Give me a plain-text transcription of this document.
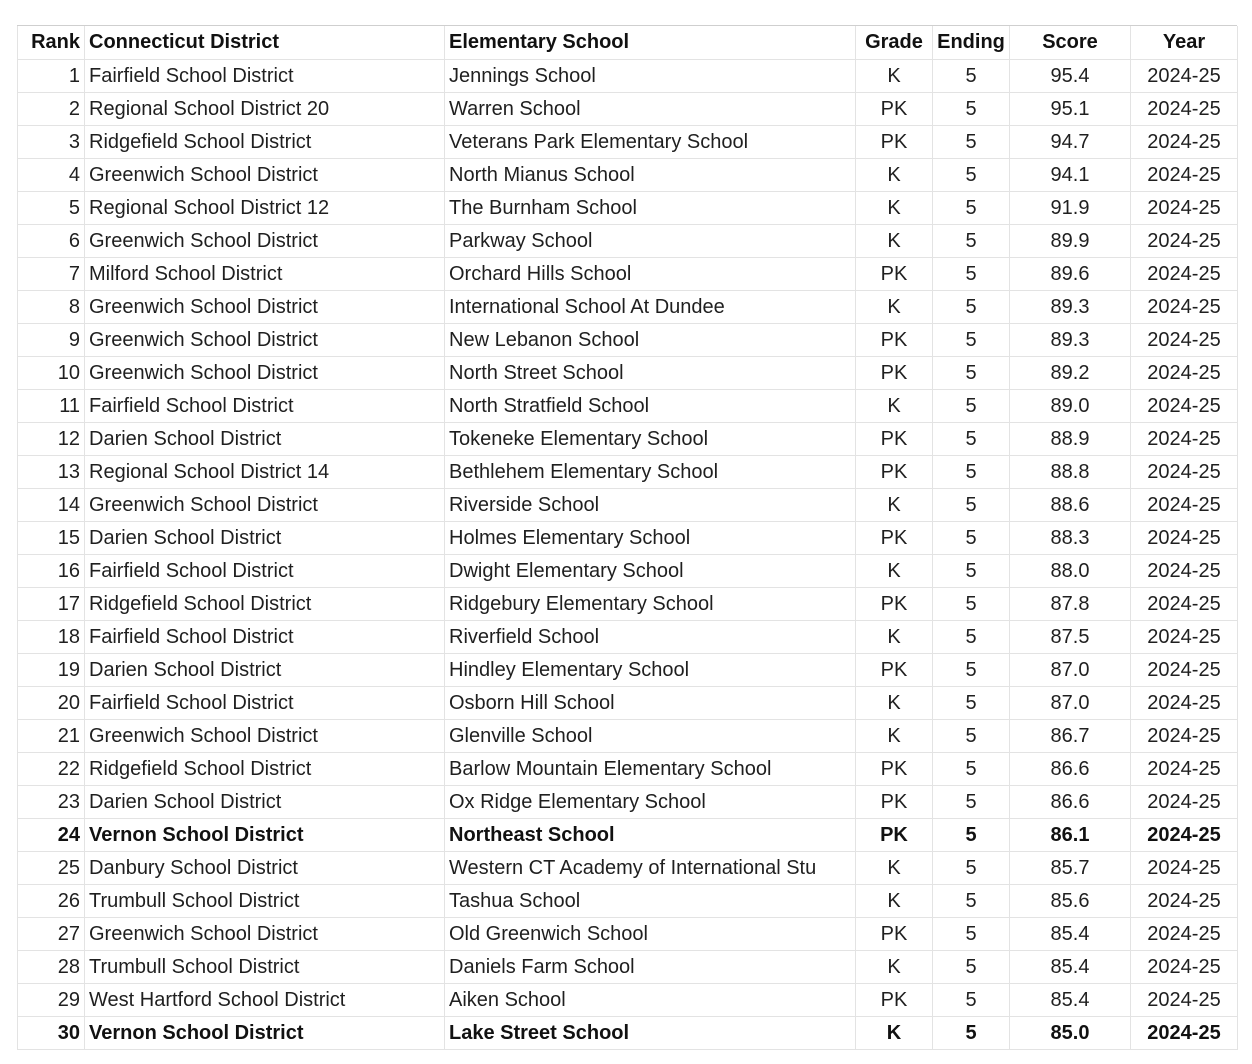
Rank	Connecticut District	Elementary School	Grade	Ending	Score	Year
1	Fairfield School District	Jennings School	K	5	95.4	2024-25
2	Regional School District 20	Warren School	PK	5	95.1	2024-25
3	Ridgefield School District	Veterans Park Elementary School	PK	5	94.7	2024-25
4	Greenwich School District	North Mianus School	K	5	94.1	2024-25
5	Regional School District 12	The Burnham School	K	5	91.9	2024-25
6	Greenwich School District	Parkway School	K	5	89.9	2024-25
7	Milford School District	Orchard Hills School	PK	5	89.6	2024-25
8	Greenwich School District	International School At Dundee	K	5	89.3	2024-25
9	Greenwich School District	New Lebanon School	PK	5	89.3	2024-25
10	Greenwich School District	North Street School	PK	5	89.2	2024-25
11	Fairfield School District	North Stratfield School	K	5	89.0	2024-25
12	Darien School District	Tokeneke Elementary School	PK	5	88.9	2024-25
13	Regional School District 14	Bethlehem Elementary School	PK	5	88.8	2024-25
14	Greenwich School District	Riverside School	K	5	88.6	2024-25
15	Darien School District	Holmes Elementary School	PK	5	88.3	2024-25
16	Fairfield School District	Dwight Elementary School	K	5	88.0	2024-25
17	Ridgefield School District	Ridgebury Elementary School	PK	5	87.8	2024-25
18	Fairfield School District	Riverfield School	K	5	87.5	2024-25
19	Darien School District	Hindley Elementary School	PK	5	87.0	2024-25
20	Fairfield School District	Osborn Hill School	K	5	87.0	2024-25
21	Greenwich School District	Glenville School	K	5	86.7	2024-25
22	Ridgefield School District	Barlow Mountain Elementary School	PK	5	86.6	2024-25
23	Darien School District	Ox Ridge Elementary School	PK	5	86.6	2024-25
24	Vernon School District	Northeast School	PK	5	86.1	2024-25
25	Danbury School District	Western CT Academy of International Stu	K	5	85.7	2024-25
26	Trumbull School District	Tashua School	K	5	85.6	2024-25
27	Greenwich School District	Old Greenwich School	PK	5	85.4	2024-25
28	Trumbull School District	Daniels Farm School	K	5	85.4	2024-25
29	West Hartford School District	Aiken School	PK	5	85.4	2024-25
30	Vernon School District	Lake Street School	K	5	85.0	2024-25
